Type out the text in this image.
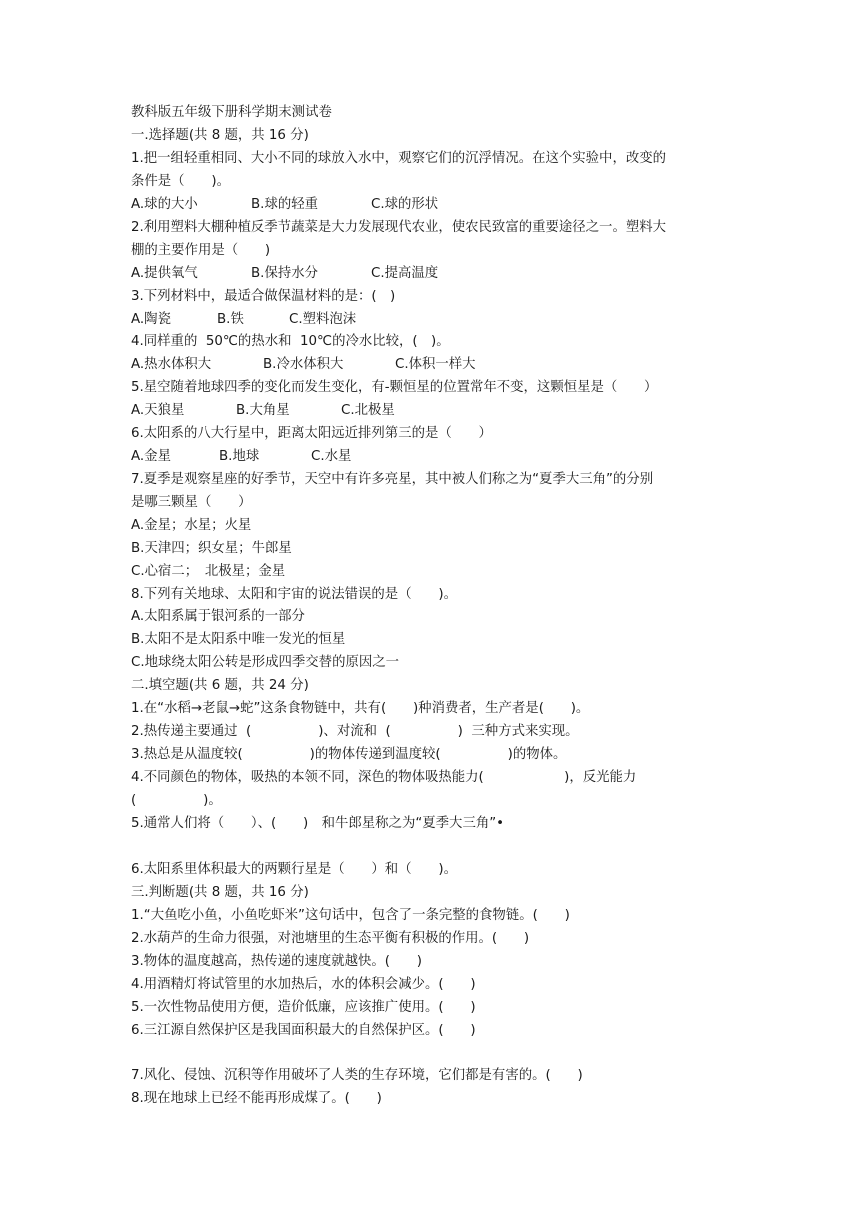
教科版五年级下册科学期末测试卷
一.选择题(共 8 题，共 16 分)
1.把一组轻重相同、大小不同的球放入水中，观察它们的沉浮情况。在这个实验中，改变的
条件是（　　)。

A.球的大小

	B.球的轻重

	C.球的形状

2.利用塑料大棚种植反季节蔬菜是大力发展现代农业，使农民致富的重要途径之一。塑料大
棚的主要作用是（　　)

A.提供氧气

	B.保持水分

	C.提高温度

3.下列材料中，最适合做保温材料的是：(　)

A.陶瓷

	B.铁

	C.塑料泡沫

4.同样重的  50℃的热水和  10℃的冷水比较，(　)。

A.热水体积大

	B.冷水体积大

	C.体积一样大

5.星空随着地球四季的变化而发生变化，有-颗恒星的位置常年不变，这颗恒星是（　　）

A.天狼星

	B.大角星

	C.北极星

6.太阳系的八大行星中，距离太阳远近排列第三的是（　　）

A.金星

	B.地球

	C.水星

7.夏季是观察星座的好季节，天空中有许多亮星，其中被人们称之为“夏季大三角”的分别
是哪三颗星（　　）
A.金星；水星；火星
B.天津四；织女星；牛郎星
C.心宿二；　北极星；金星
8.下列有关地球、太阳和宇宙的说法错误的是（　　)。
A.太阳系属于银河系的一部分
B.太阳不是太阳系中唯一发光的恒星
C.地球绕太阳公转是形成四季交替的原因之一
二.填空题(共 6 题，共 24 分)
1.在“水稻→老鼠→蛇”这条食物链中，共有(　　)种消费者，生产者是(　　)。
2.热传递主要通过  (　　　　　)、对流和  (　　　　　)  三种方式来实现。
3.热总是从温度较(　　　　　)的物体传递到温度较(　　　　　)的物体。
4.不同颜色的物体，吸热的本领不同，深色的物体吸热能力(　　　　　　)，反光能力
(　　　　　)。
5.通常人们将（　　）、(　　)　和牛郎星称之为“夏季大三角”•
6.太阳系里体积最大的两颗行星是（　　）和（　　)。
三.判断题(共 8 题，共 16 分)
1.“大鱼吃小鱼，小鱼吃虾米”这句话中，包含了一条完整的食物链。(　　)
2.水葫芦的生命力很强，对池塘里的生态平衡有积极的作用。(　　)
3.物体的温度越高，热传递的速度就越快。(　　)
4.用酒精灯将试管里的水加热后，水的体积会减少。(　　)
5.一次性物品使用方便，造价低廉，应该推广使用。(　　)
6.三江源自然保护区是我国面积最大的自然保护区。(　　)
7.风化、侵蚀、沉积等作用破坏了人类的生存环境，它们都是有害的。(　　)
8.现在地球上已经不能再形成煤了。(　　)
